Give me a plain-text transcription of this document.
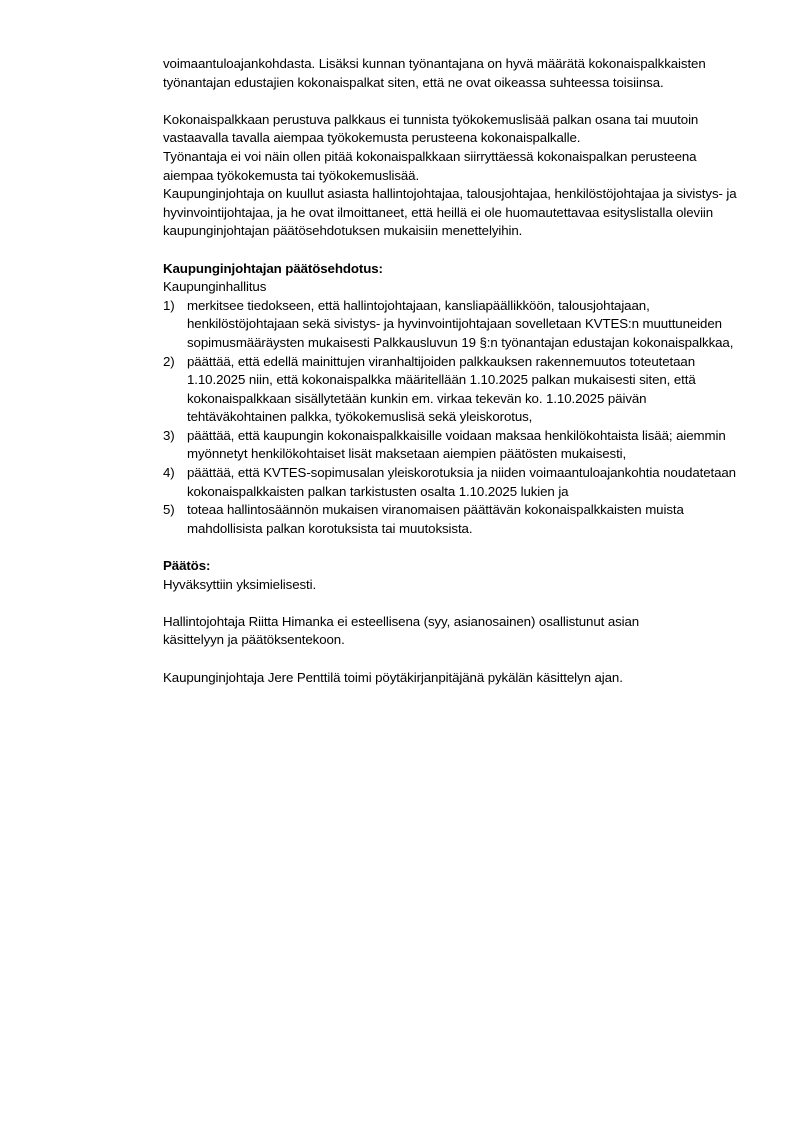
voimaantuloajankohdasta. Lisäksi kunnan työnantajana on hyvä määrätä kokonaispalkkaisten työnantajan edustajien kokonaispalkat siten, että ne ovat oikeassa suhteessa toisiinsa.

Kokonaispalkkaan perustuva palkkaus ei tunnista työkokemuslisää palkan osana tai muutoin vastaavalla tavalla aiempaa työkokemusta perusteena kokonaispalkalle.

Työnantaja ei voi näin ollen pitää kokonaispalkkaan siirryttäessä kokonaispalkan perusteena aiempaa työkokemusta tai työkokemuslisää.

Kaupunginjohtaja on kuullut asiasta hallintojohtajaa, talousjohtajaa, henkilöstöjohtajaa ja sivistys- ja hyvinvointijohtajaa, ja he ovat ilmoittaneet, että heillä ei ole huomautettavaa esityslistalla oleviin kaupunginjohtajan päätösehdotuksen mukaisiin menettelyihin.

Kaupunginjohtajan päätösehdotus:

Kaupunginhallitus

1) merkitsee tiedokseen, että hallintojohtajaan, kansliapäällikköön, talousjohtajaan, henkilöstöjohtajaan sekä sivistys- ja hyvinvointijohtajaan sovelletaan KVTES:n muuttuneiden sopimusmääräysten mukaisesti Palkkausluvun 19 §:n työnantajan edustajan kokonaispalkkaa,
2) päättää, että edellä mainittujen viranhaltijoiden palkkauksen rakennemuutos toteutetaan 1.10.2025 niin, että kokonaispalkka määritellään 1.10.2025 palkan mukaisesti siten, että kokonaispalkkaan sisällytetään kunkin em. virkaa tekevän ko. 1.10.2025 päivän tehtäväkohtainen palkka, työkokemuslisä sekä yleiskorotus,
3) päättää, että kaupungin kokonaispalkkaisille voidaan maksaa henkilökohtaista lisää; aiemmin myönnetyt henkilökohtaiset lisät maksetaan aiempien päätösten mukaisesti,
4) päättää, että KVTES-sopimusalan yleiskorotuksia ja niiden voimaantuloajankohtia noudatetaan kokonaispalkkaisten palkan tarkistusten osalta 1.10.2025 lukien ja
5) toteaa hallintosäännön mukaisen viranomaisen päättävän kokonaispalkkaisten muista mahdollisista palkan korotuksista tai muutoksista.

Päätös:

Hyväksyttiin yksimielisesti.

Hallintojohtaja Riitta Himanka ei esteellisena (syy, asianosainen) osallistunut asian käsittelyyn ja päätöksentekoon.

Kaupunginjohtaja Jere Penttilä toimi pöytäkirjanpitäjänä pykälän käsittelyn ajan.
